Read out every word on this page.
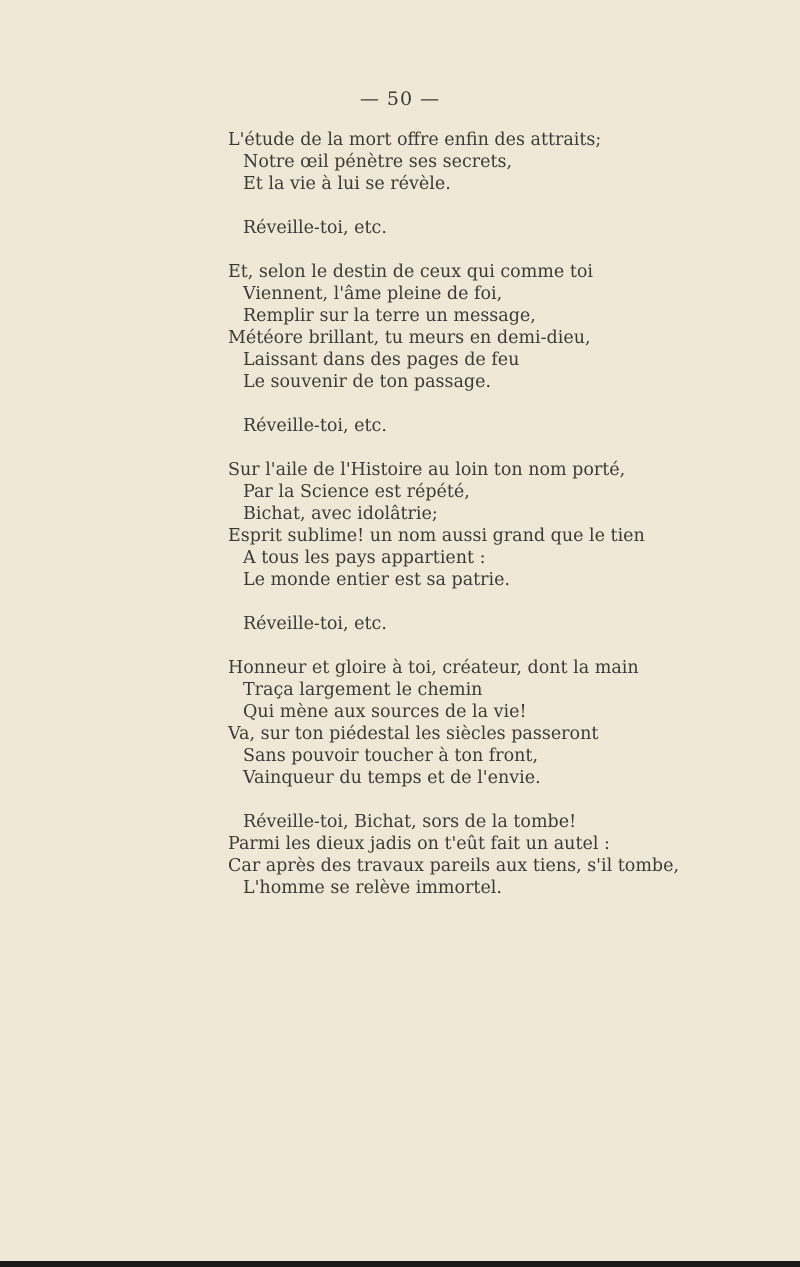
— 50 —
L'étude de la mort offre enfin des attraits;
Notre œil pénètre ses secrets,
Et la vie à lui se révèle.
Réveille-toi, etc.
Et, selon le destin de ceux qui comme toi
Viennent, l'âme pleine de foi,
Remplir sur la terre un message,
Météore brillant, tu meurs en demi-dieu,
Laissant dans des pages de feu
Le souvenir de ton passage.
Réveille-toi, etc.
Sur l'aile de l'Histoire au loin ton nom porté,
Par la Science est répété,
Bichat, avec idolâtrie;
Esprit sublime! un nom aussi grand que le tien
A tous les pays appartient :
Le monde entier est sa patrie.
Réveille-toi, etc.
Honneur et gloire à toi, créateur, dont la main
Traça largement le chemin
Qui mène aux sources de la vie!
Va, sur ton piédestal les siècles passeront
Sans pouvoir toucher à ton front,
Vainqueur du temps et de l'envie.
Réveille-toi, Bichat, sors de la tombe!
Parmi les dieux jadis on t'eût fait un autel :
Car après des travaux pareils aux tiens, s'il tombe,
L'homme se relève immortel.
